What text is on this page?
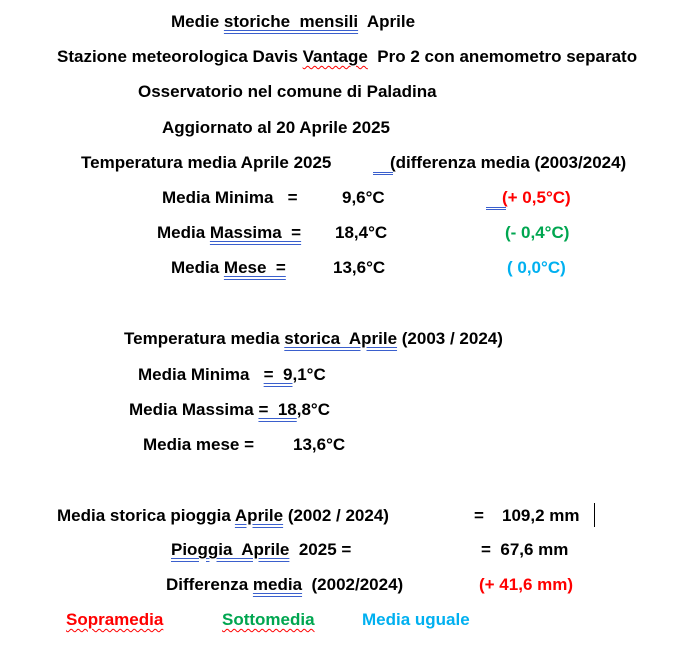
Medie storiche  mensili  Aprile
Stazione meteorologica Davis Vantage  Pro 2 con anemometro separato
Osservatorio nel comune di Paladina
Aggiornato al 20 Aprile 2025
Temperatura media Aprile 2025	(differenza media (2003/2024)
Media Minima   =	9,6°C	(+ 0,5°C)
Media Massima  = 18,4°C	(- 0,4°C)
Media Mese  =	13,6°C	( 0,0°C)
Temperatura media storica  Aprile (2003 / 2024)
Media Minima   =  9,1°C
Media Massima =  18,8°C
Media mese = 13,6°C
Media storica pioggia Aprile (2002 / 2024)	= 109,2 mm
Pioggia  Aprile  2025 =	=  67,6 mm
Differenza media  (2002/2024)	(+ 41,6 mm)
Sopramedia	Sottomedia	Media uguale
